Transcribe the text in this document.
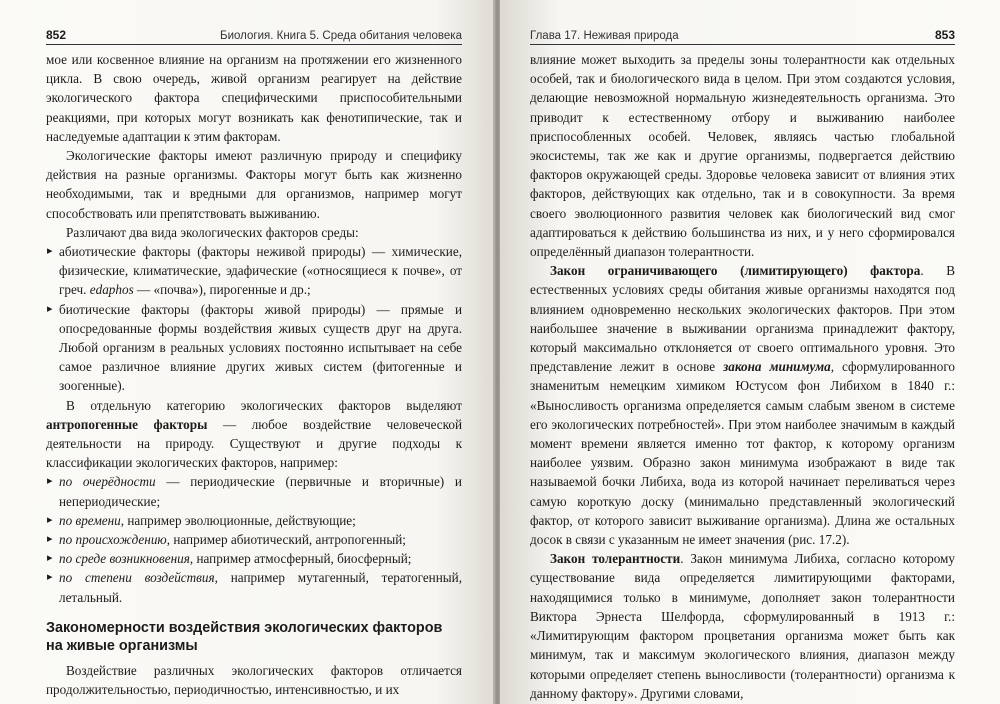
852	Биология. Книга 5. Среда обитания человека

мое или косвенное влияние на организм на протяжении его жизненного цикла. В свою очередь, живой организм реагирует на действие экологического фактора специфическими приспособительными реакциями, при которых могут возникать как фенотипические, так и наследуемые адаптации к этим факторам.

Экологические факторы имеют различную природу и специфику действия на разные организмы. Факторы могут быть как жизненно необходимыми, так и вредными для организмов, например могут способствовать или препятствовать выживанию.

Различают два вида экологических факторов среды:

▸ абиотические факторы (факторы неживой природы) — химические, физические, климатические, эдафические («относящиеся к почве», от греч. edaphos — «почва»), пирогенные и др.;
▸ биотические факторы (факторы живой природы) — прямые и опосредованные формы воздействия живых существ друг на друга. Любой организм в реальных условиях постоянно испытывает на себе самое различное влияние других живых систем (фитогенные и зоогенные).

В отдельную категорию экологических факторов выделяют антропогенные факторы — любое воздействие человеческой деятельности на природу. Существуют и другие подходы к классификации экологических факторов, например:

▸ по очерёдности — периодические (первичные и вторичные) и непериодические;
▸ по времени, например эволюционные, действующие;
▸ по происхождению, например абиотический, антропогенный;
▸ по среде возникновения, например атмосферный, биосферный;
▸ по степени воздействия, например мутагенный, тератогенный, летальный.
Закономерности воздействия экологических факторов на живые организмы

Воздействие различных экологических факторов отличается продолжительностью, периодичностью, интенсивностью, и их

Глава 17. Неживая природа	853

влияние может выходить за пределы зоны толерантности как отдельных особей, так и биологического вида в целом. При этом создаются условия, делающие невозможной нормальную жизнедеятельность организма. Это приводит к естественному отбору и выживанию наиболее приспособленных особей. Человек, являясь частью глобальной экосистемы, так же как и другие организмы, подвергается действию факторов окружающей среды. Здоровье человека зависит от влияния этих факторов, действующих как отдельно, так и в совокупности. За время своего эволюционного развития человек как биологический вид смог адаптироваться к действию большинства из них, и у него сформировался определённый диапазон толерантности.

Закон ограничивающего (лимитирующего) фактора. В естественных условиях среды обитания живые организмы находятся под влиянием одновременно нескольких экологических факторов. При этом наибольшее значение в выживании организма принадлежит фактору, который максимально отклоняется от своего оптимального уровня. Это представление лежит в основе закона минимума, сформулированного знаменитым немецким химиком Юстусом фон Либихом в 1840 г.: «Выносливость организма определяется самым слабым звеном в системе его экологических потребностей». При этом наиболее значимым в каждый момент времени является именно тот фактор, к которому организм наиболее уязвим. Образно закон минимума изображают в виде так называемой бочки Либиха, вода из которой начинает переливаться через самую короткую доску (минимально представленный экологический фактор, от которого зависит выживание организма). Длина же остальных досок в связи с указанным не имеет значения (рис. 17.2).

Закон толерантности. Закон минимума Либиха, согласно которому существование вида определяется лимитирующими факторами, находящимися только в минимуме, дополняет закон толерантности Виктора Эрнеста Шелфорда, сформулированный в 1913 г.: «Лимитирующим фактором процветания организма может быть как минимум, так и максимум экологического влияния, диапазон между которыми определяет степень выносливости (толерантности) организма к данному фактору». Другими словами,
